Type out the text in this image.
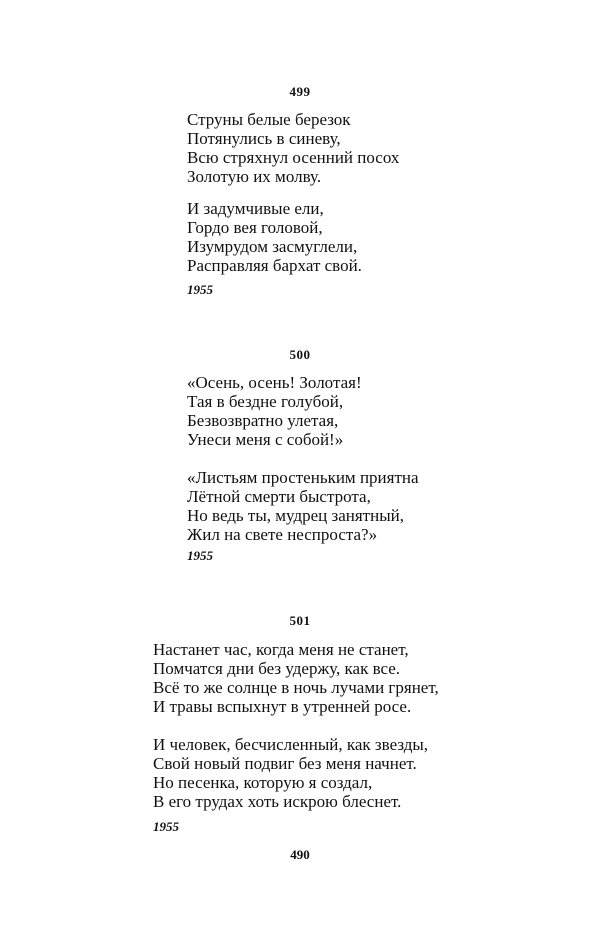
499
Струны белые березок
Потянулись в синеву,
Всю стряхнул осенний посох
Золотую их молву.
И задумчивые ели,
Гордо вея головой,
Изумрудом засмуглели,
Расправляя бархат свой.
1955
500
«Осень, осень! Золотая!
Тая в бездне голубой,
Безвозвратно улетая,
Унеси меня с собой!»
«Листьям простеньким приятна
Лётной смерти быстрота,
Но ведь ты, мудрец занятный,
Жил на свете неспроста?»
1955
501
Настанет час, когда меня не станет,
Помчатся дни без удержу, как все.
Всё то же солнце в ночь лучами грянет,
И травы вспыхнут в утренней росе.
И человек, бесчисленный, как звезды,
Свой новый подвиг без меня начнет.
Но песенка, которую я создал,
В его трудах хоть искрою блеснет.
1955
490
